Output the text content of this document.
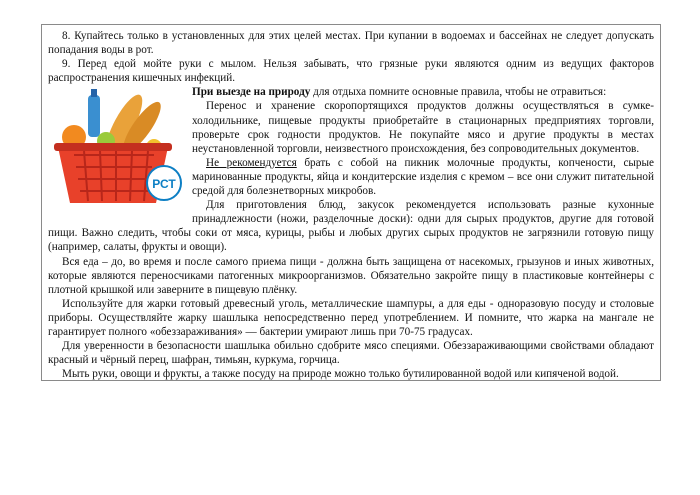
8. Купайтесь только в установленных для этих целей местах. При купании в водоемах и бассейнах не следует допускать попадания воды в рот.

9. Перед едой мойте руки с мылом. Нельзя забывать, что грязные руки являются одним из ведущих факторов распространения кишечных инфекций.

РСТ

При выезде на природу для отдыха помните основные правила, чтобы не отравиться:

Перенос и хранение скоропортящихся продуктов должны осуществляться в сумке-холодильнике, пищевые продукты приобретайте в стационарных предприятиях торговли, проверьте срок годности продуктов. Не покупайте мясо и другие продукты в местах неустановленной торговли, неизвестного происхождения, без сопроводительных документов.

Не рекомендуется брать с собой на пикник молочные продукты, копчености, сырые маринованные продукты, яйца и кондитерские изделия с кремом – все они служит питательной средой для болезнетворных микробов.

Для приготовления блюд, закусок рекомендуется использовать разные кухонные принадлежности (ножи, разделочные доски): одни для сырых продуктов, другие для готовой пищи. Важно следить, чтобы соки от мяса, курицы, рыбы и любых других сырых продуктов не загрязнили готовую пищу (например, салаты, фрукты и овощи).

Вся еда – до, во время и после самого приема пищи - должна быть защищена от насекомых, грызунов и иных животных, которые являются переносчиками патогенных микроорганизмов. Обязательно закройте пищу в пластиковые контейнеры с плотной крышкой или заверните в пищевую плёнку.

Используйте для жарки готовый древесный уголь, металлические шампуры, а для еды - одноразовую посуду и столовые приборы. Осуществляйте жарку шашлыка непосредственно перед употреблением. И помните, что жарка на мангале не гарантирует полного «обеззараживания» — бактерии умирают лишь при 70-75 градусах.

Для уверенности в безопасности шашлыка обильно сдобрите мясо специями. Обеззараживающими свойствами обладают красный и чёрный перец, шафран, тимьян, куркума, горчица.

Мыть руки, овощи и фрукты, а также посуду на природе можно только бутилированной водой или кипяченой водой.
